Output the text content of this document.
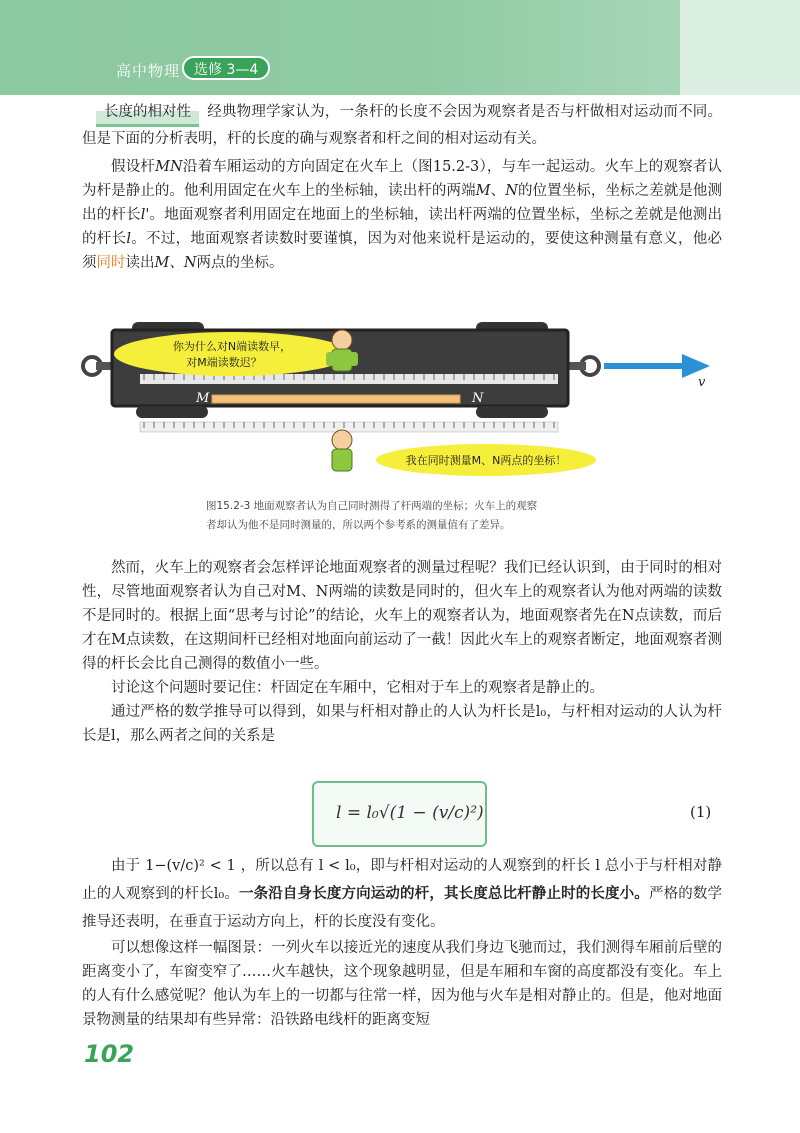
高中物理 选修 3—4

长度的相对性 经典物理学家认为，一条杆的长度不会因为观察者是否与杆做相对运动而不同。但是下面的分析表明，杆的长度的确与观察者和杆之间的相对运动有关。

假设杆MN沿着车厢运动的方向固定在火车上（图15.2-3），与车一起运动。火车上的观察者认为杆是静止的。他利用固定在火车上的坐标轴，读出杆的两端M、N的位置坐标，坐标之差就是他测出的杆长l'。地面观察者利用固定在地面上的坐标轴，读出杆两端的位置坐标，坐标之差就是他测出的杆长l。不过，地面观察者读数时要谨慎，因为对他来说杆是运动的，要使这种测量有意义，他必须同时读出M、N两点的坐标。

M	N
你为什么对N端读数早，
对M端读数迟？
我在同时测量M、N两点的坐标！
v
图15.2-3 地面观察者认为自己同时测得了杆两端的坐标；火车上的观察
者却认为他不是同时测量的，所以两个参考系的测量值有了差异。

然而，火车上的观察者会怎样评论地面观察者的测量过程呢？我们已经认识到，由于同时的相对性，尽管地面观察者认为自己对M、N两端的读数是同时的，但火车上的观察者认为他对两端的读数不是同时的。根据上面“思考与讨论”的结论，火车上的观察者认为，地面观察者先在N点读数，而后才在M点读数，在这期间杆已经相对地面向前运动了一截！因此火车上的观察者断定，地面观察者测得的杆长会比自己测得的数值小一些。

讨论这个问题时要记住：杆固定在车厢中，它相对于车上的观察者是静止的。

通过严格的数学推导可以得到，如果与杆相对静止的人认为杆长是l₀，与杆相对运动的人认为杆长是l，那么两者之间的关系是

l = l₀√(1 − (v/c)²)	(1)

由于 1−(v/c)² < 1 ，所以总有 l < l₀，即与杆相对运动的人观察到的杆长 l 总小于与杆相对静止的人观察到的杆长l₀。一条沿自身长度方向运动的杆，其长度总比杆静止时的长度小。严格的数学推导还表明，在垂直于运动方向上，杆的长度没有变化。

可以想像这样一幅图景：一列火车以接近光的速度从我们身边飞驰而过，我们测得车厢前后壁的距离变小了，车窗变窄了……火车越快，这个现象越明显，但是车厢和车窗的高度都没有变化。车上的人有什么感觉呢？他认为车上的一切都与往常一样，因为他与火车是相对静止的。但是，他对地面景物测量的结果却有些异常：沿铁路电线杆的距离变短

102
